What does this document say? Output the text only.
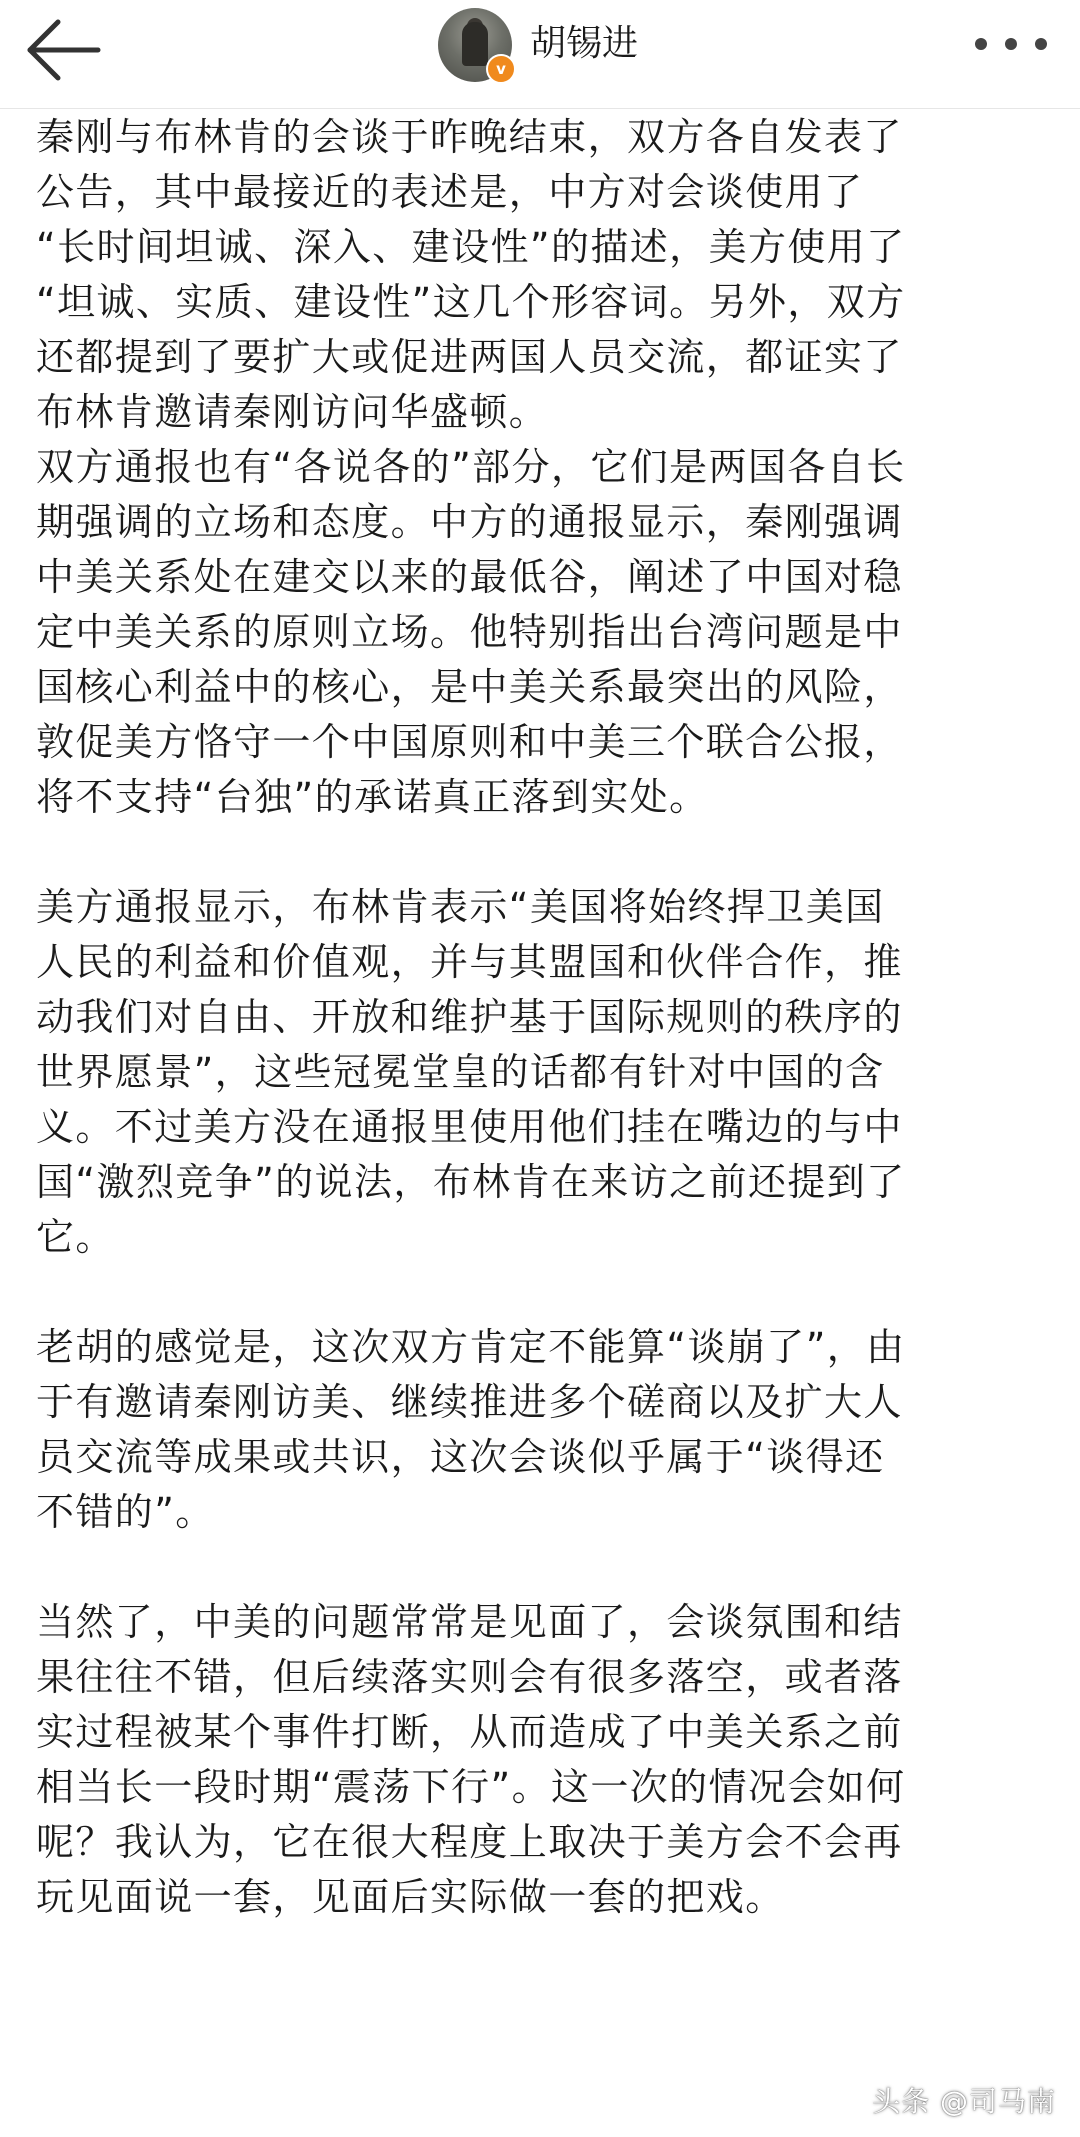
v
胡锡进

秦刚与布林肯的会谈于昨晚结束，双方各自发表了
公告，其中最接近的表述是，中方对会谈使用了
“长时间坦诚、深入、建设性”的描述，美方使用了
“坦诚、实质、建设性”这几个形容词。另外，双方
还都提到了要扩大或促进两国人员交流，都证实了
布林肯邀请秦刚访问华盛顿。

双方通报也有“各说各的”部分，它们是两国各自长
期强调的立场和态度。中方的通报显示，秦刚强调
中美关系处在建交以来的最低谷，阐述了中国对稳
定中美关系的原则立场。他特别指出台湾问题是中
国核心利益中的核心，是中美关系最突出的风险，
敦促美方恪守一个中国原则和中美三个联合公报，
将不支持“台独”的承诺真正落到实处。

美方通报显示，布林肯表示“美国将始终捍卫美国
人民的利益和价值观，并与其盟国和伙伴合作，推
动我们对自由、开放和维护基于国际规则的秩序的
世界愿景”，这些冠冕堂皇的话都有针对中国的含
义。不过美方没在通报里使用他们挂在嘴边的与中
国“激烈竞争”的说法，布林肯在来访之前还提到了
它。

老胡的感觉是，这次双方肯定不能算“谈崩了”，由
于有邀请秦刚访美、继续推进多个磋商以及扩大人
员交流等成果或共识，这次会谈似乎属于“谈得还
不错的”。

当然了，中美的问题常常是见面了，会谈氛围和结
果往往不错，但后续落实则会有很多落空，或者落
实过程被某个事件打断，从而造成了中美关系之前
相当长一段时期“震荡下行”。这一次的情况会如何
呢？我认为，它在很大程度上取决于美方会不会再
玩见面说一套，见面后实际做一套的把戏。

头条 @司马南
